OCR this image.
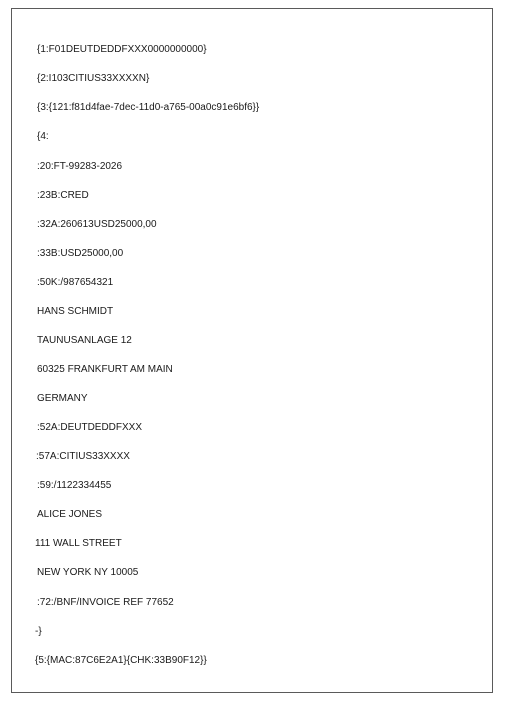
{1:F01DEUTDEDDFXXX0000000000}
{2:I103CITIUS33XXXXN}
{3:{121:f81d4fae-7dec-11d0-a765-00a0c91e6bf6}}
{4:
:20:FT-99283-2026
:23B:CRED
:32A:260613USD25000,00
:33B:USD25000,00
:50K:/987654321
HANS SCHMIDT
TAUNUSANLAGE 12
60325 FRANKFURT AM MAIN
GERMANY
:52A:DEUTDEDDFXXX
:57A:CITIUS33XXXX
:59:/1122334455
ALICE JONES
111 WALL STREET
NEW YORK NY 10005
:72:/BNF/INVOICE REF 77652
-}
{5:{MAC:87C6E2A1}{CHK:33B90F12}}
